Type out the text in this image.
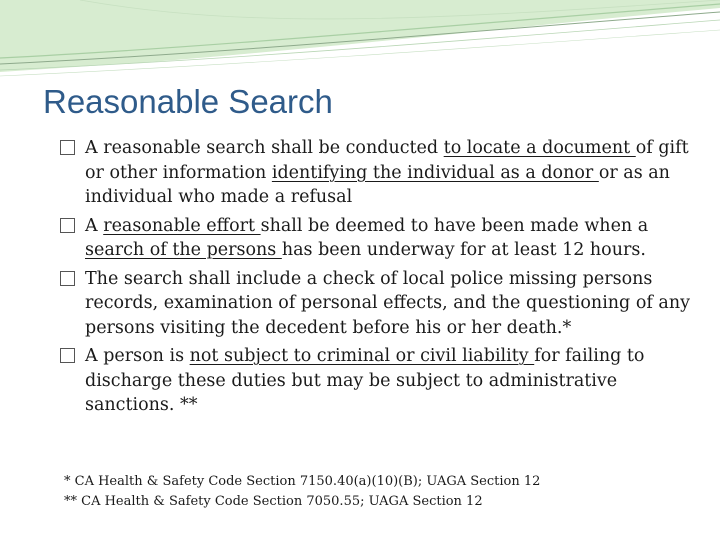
Reasonable Search
A reasonable search shall be conducted to locate a document of gift or other information identifying the individual as a donor or as an individual who made a refusal
A reasonable effort shall be deemed to have been made when a search of the persons has been underway for at least 12 hours.
The search shall include a check of local police missing persons records, examination of personal effects, and the questioning of any persons visiting the decedent before his or her death.*
A person is not subject to criminal or civil liability for failing to discharge these duties but may be subject to administrative sanctions. **
* CA Health & Safety Code Section 7150.40(a)(10)(B); UAGA Section 12
** CA Health & Safety Code Section 7050.55; UAGA Section 12
